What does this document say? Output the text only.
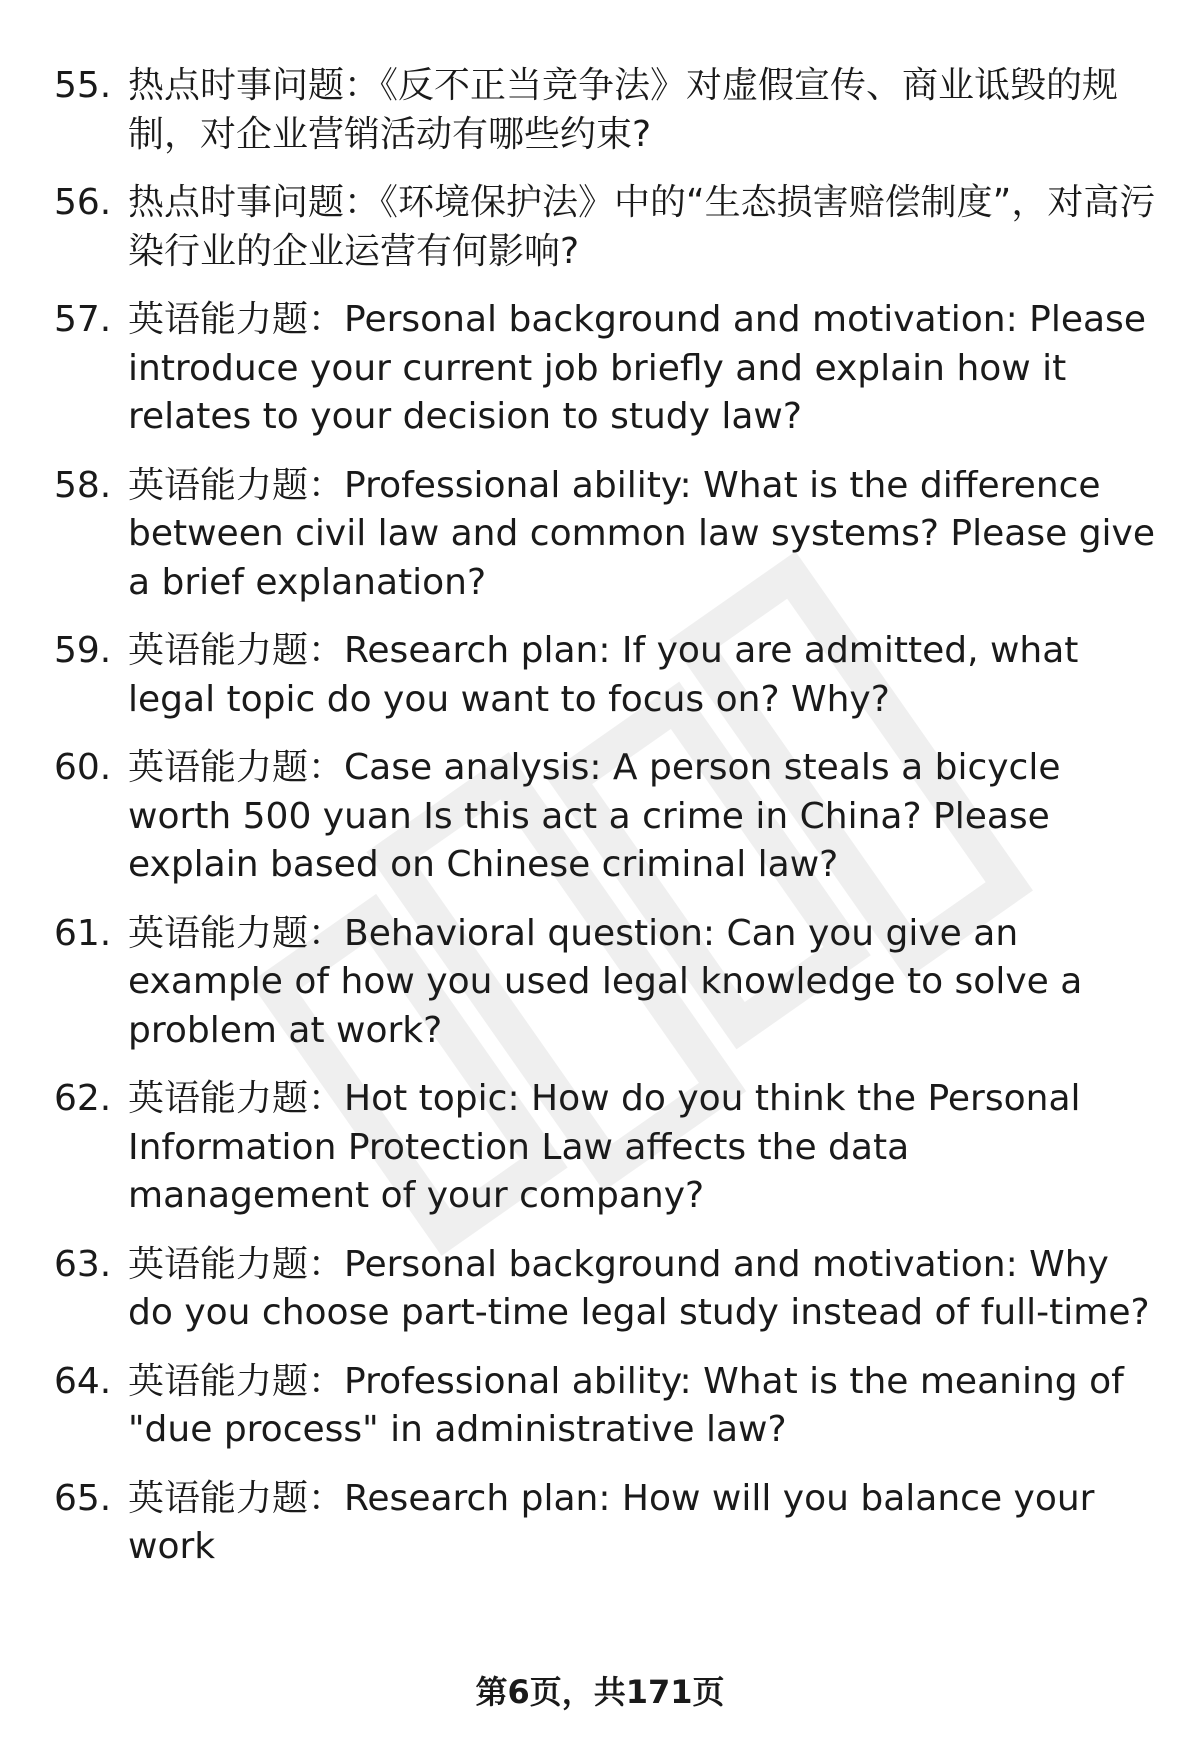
55. 热点时事问题：《反不正当竞争法》对虚假宣传、商业诋毁的规制，对企业营销活动有哪些约束?
56. 热点时事问题：《环境保护法》中的“生态损害赔偿制度”，对高污染行业的企业运营有何影响?
57. 英语能力题：Personal background and motivation: Please introduce your current job briefly and explain how it relates to your decision to study law?
58. 英语能力题：Professional ability: What is the difference between civil law and common law systems? Please give a brief explanation?
59. 英语能力题：Research plan: If you are admitted, what legal topic do you want to focus on? Why?
60. 英语能力题：Case analysis: A person steals a bicycle worth 500 yuan Is this act a crime in China? Please explain based on Chinese criminal law?
61. 英语能力题：Behavioral question: Can you give an example of how you used legal knowledge to solve a problem at work?
62. 英语能力题：Hot topic: How do you think the Personal Information Protection Law affects the data management of your company?
63. 英语能力题：Personal background and motivation: Why do you choose part-time legal study instead of full-time?
64. 英语能力题：Professional ability: What is the meaning of "due process" in administrative law?
65. 英语能力题：Research plan: How will you balance your work
第6页，共171页
